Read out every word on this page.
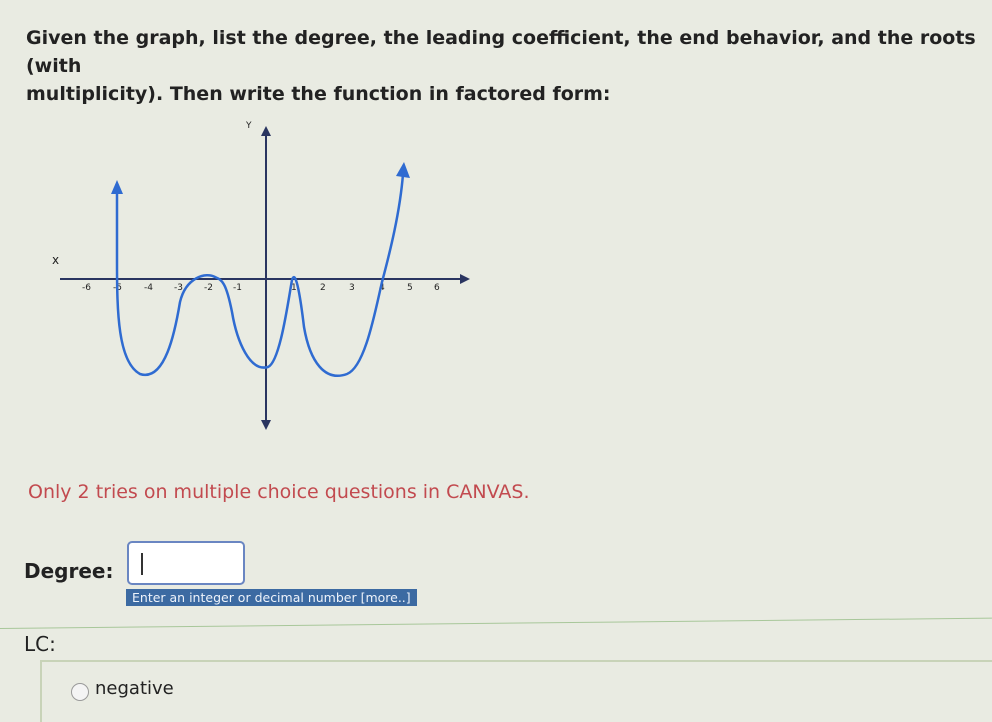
Given the graph, list the degree, the leading coefficient, the end behavior, and the roots (with
multiplicity). Then write the function in factored form:
Y
x
-6 -5 -4 -3 -2 -1	1	2	3	4 5 6
Only 2 tries on multiple choice questions in CANVAS.
Degree:
Enter an integer or decimal number [more..]
LC:
negative
